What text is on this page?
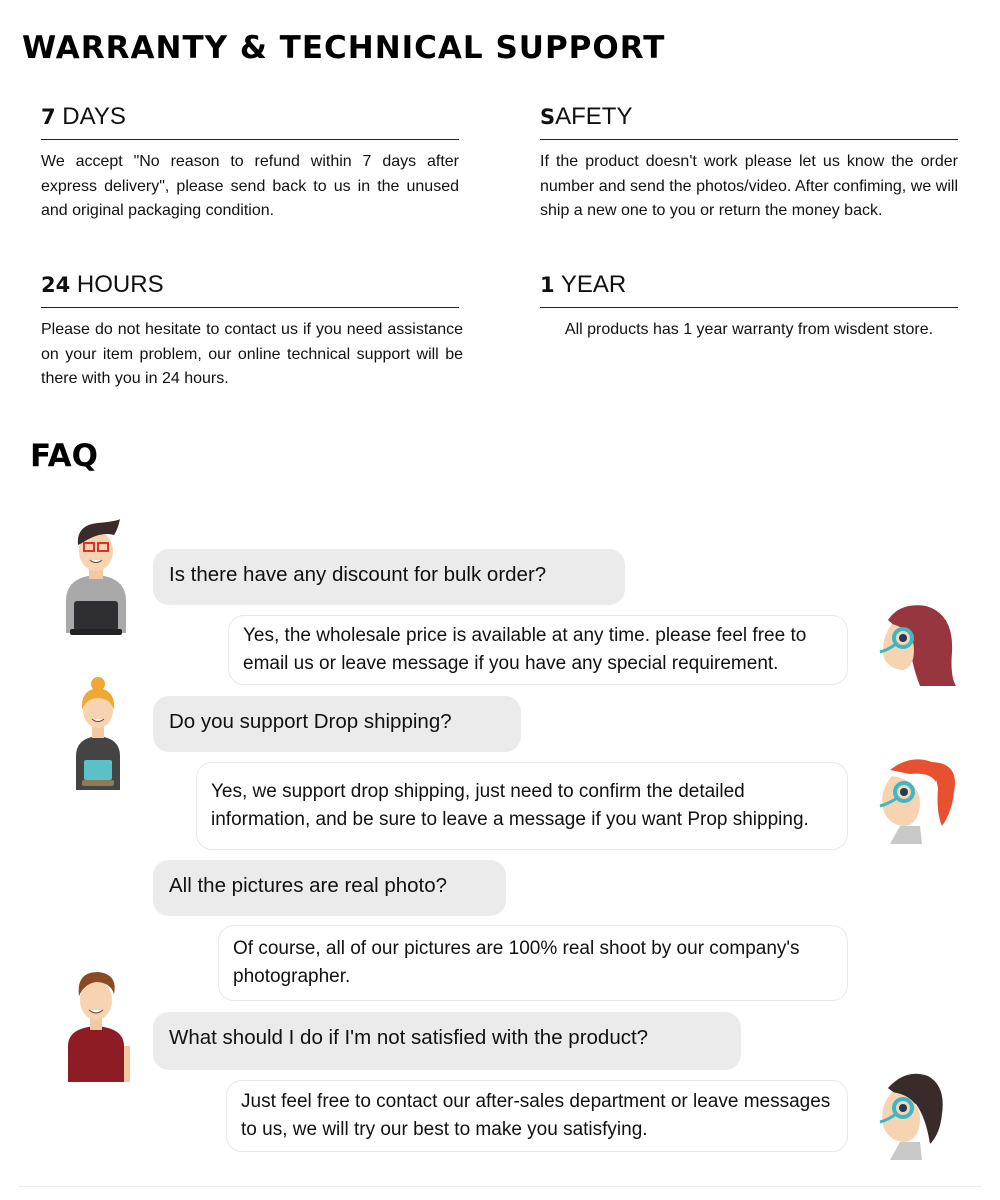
WARRANTY & TECHNICAL SUPPORT
7 DAYS
We accept "No reason to refund within 7 days after express delivery", please send back to us in the unused and original packaging condition.
SAFETY
If the product doesn't work please let us know the order number and send the photos/video. After confiming, we will ship a new one to you or return the money back.
24 HOURS
Please do not hesitate to contact us if you need assistance on your item problem, our online technical support will be there with you in 24 hours.
1 YEAR
All products has 1 year warranty from wisdent store.
FAQ
Is there have any discount for bulk order?
Yes, the wholesale price is available at any time. please feel free to email us or leave message if you have any special requirement.
Do you support Drop shipping?
Yes, we support drop shipping, just need to confirm the detailed information, and be sure to leave a message if you want Prop shipping.
All the pictures are real photo?
Of course, all of our pictures are 100% real shoot by our company's photographer.
What should I do if I'm not satisfied with the product?
Just feel free to contact our after-sales department or leave messages to us, we will try our best to make you satisfying.
